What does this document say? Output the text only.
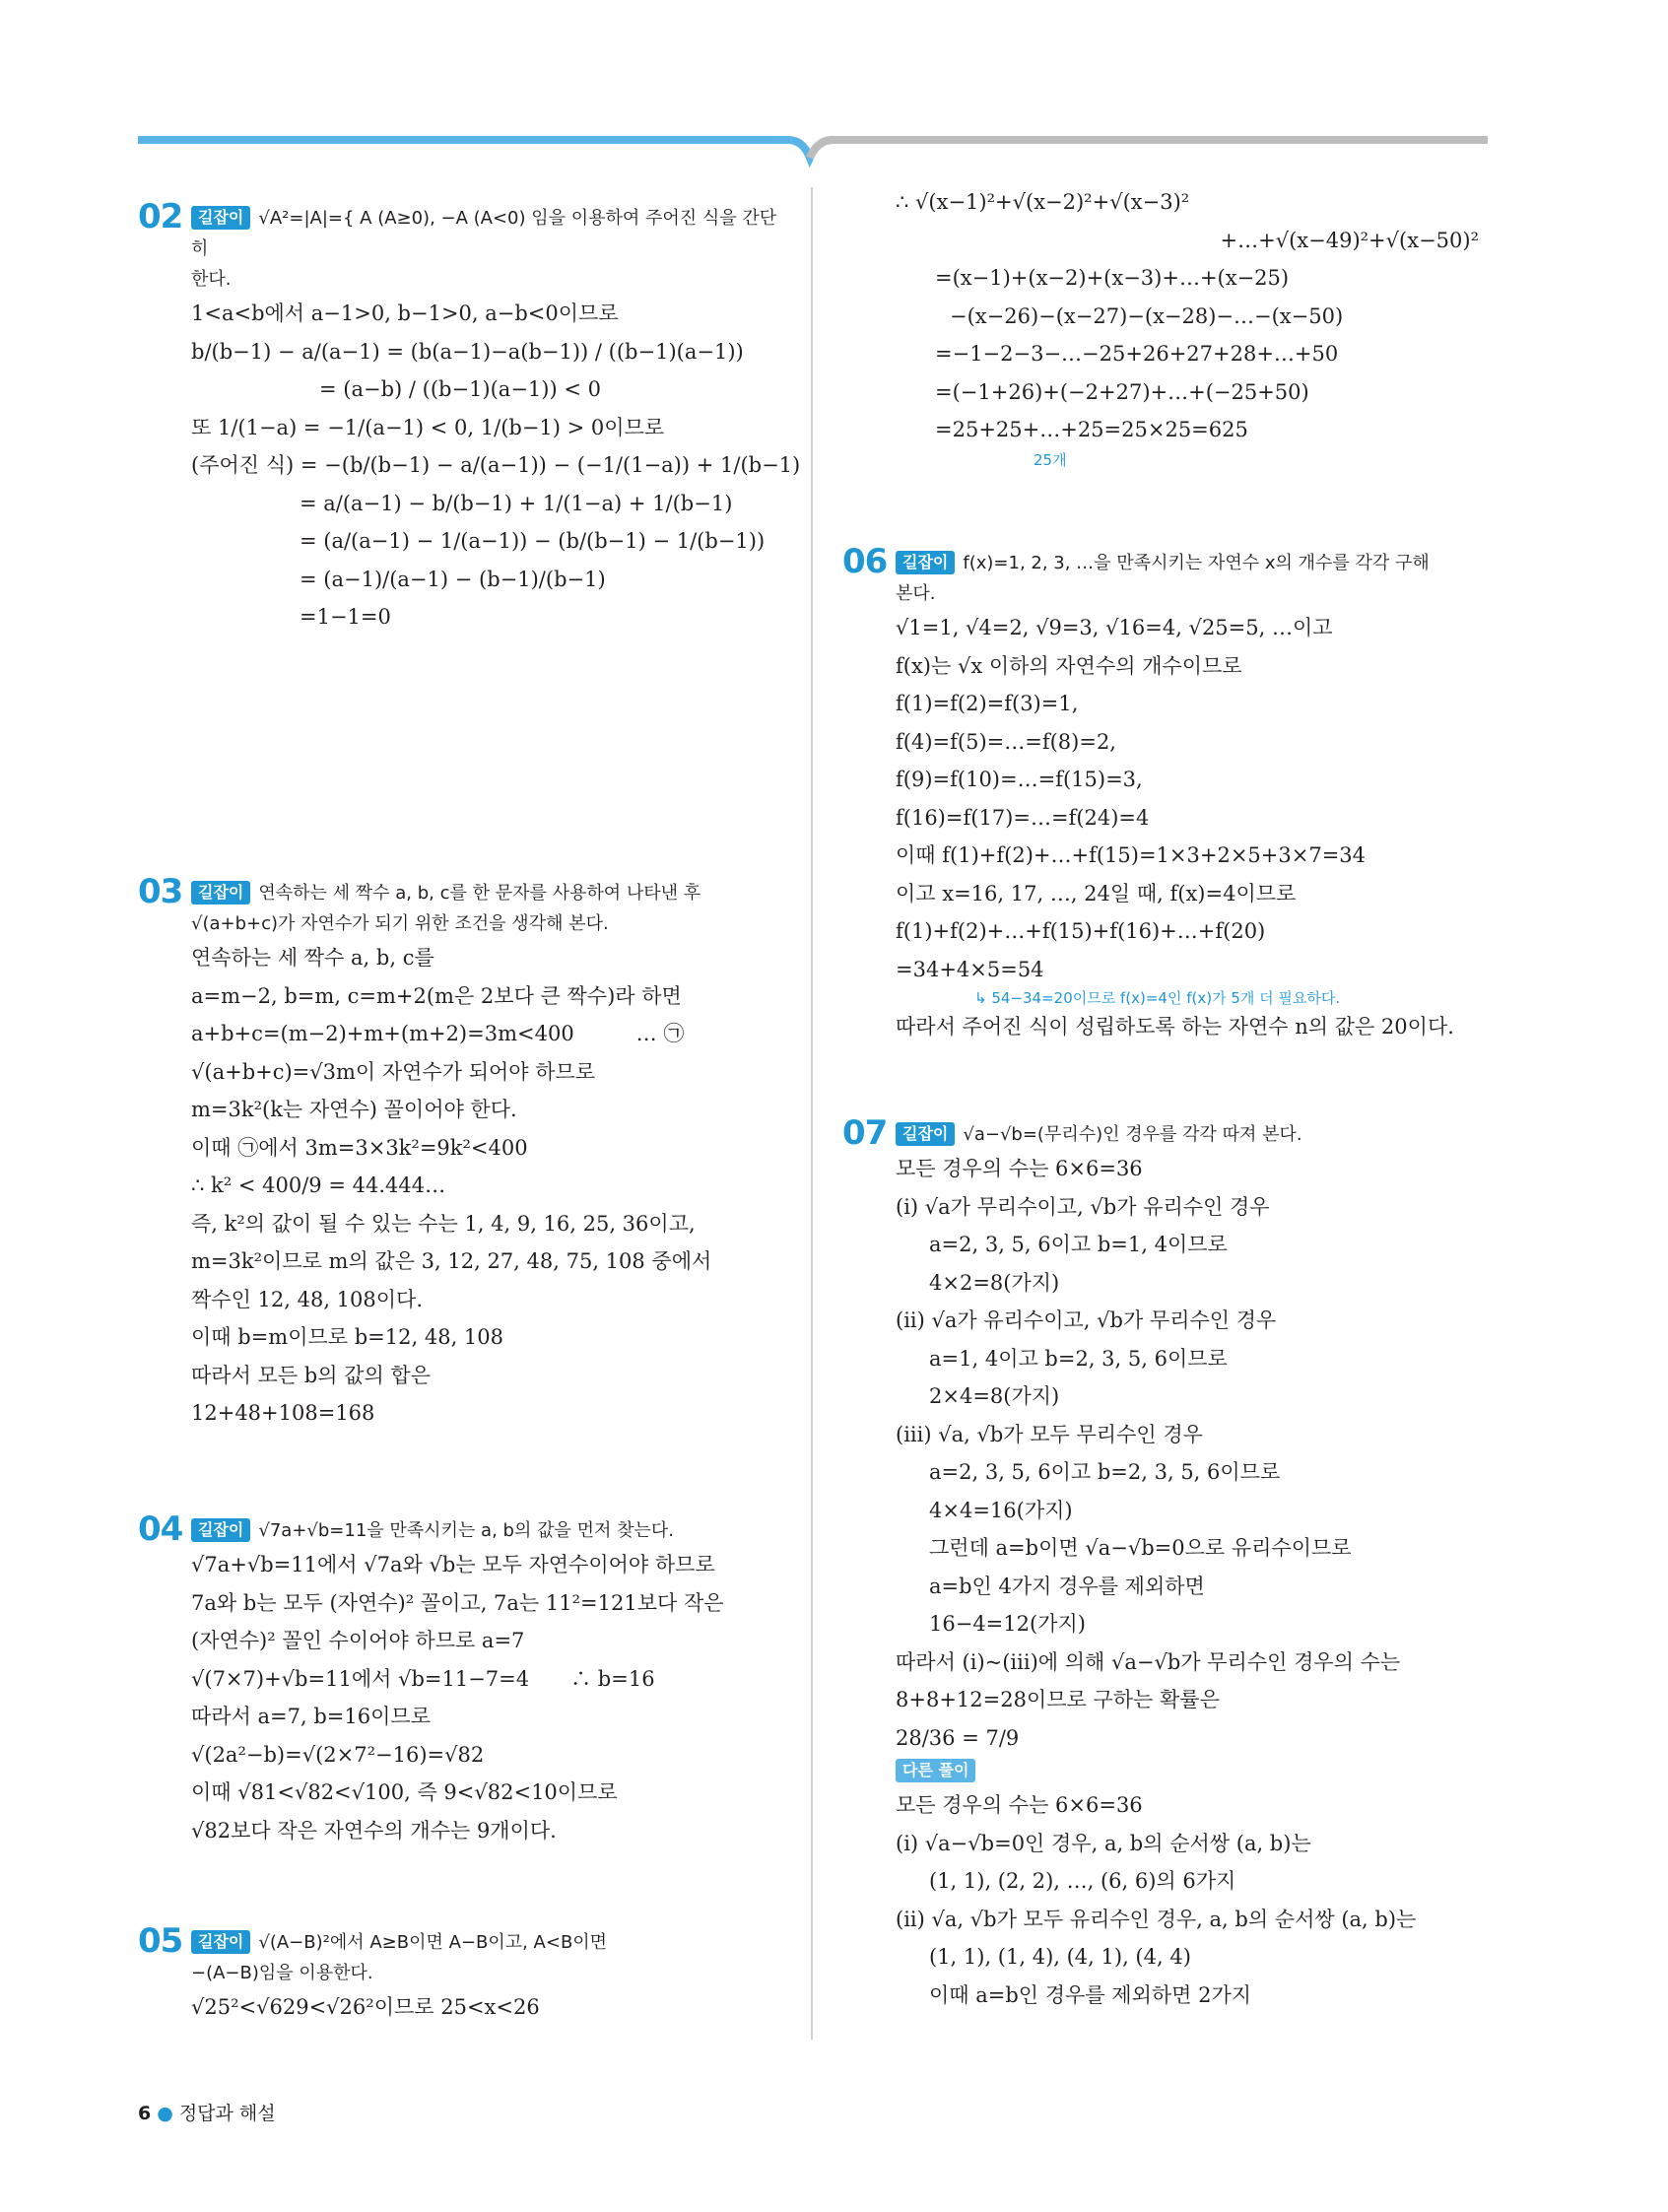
02 길잡이 √A²=|A|={ A (A≥0), −A (A<0) 임을 이용하여 주어진 식을 간단히
한다.
1<a<b에서 a−1>0, b−1>0, a−b<0이므로
b/(b−1) − a/(a−1) = (b(a−1)−a(b−1)) / ((b−1)(a−1))
= (a−b) / ((b−1)(a−1)) < 0
또 1/(1−a) = −1/(a−1) < 0, 1/(b−1) > 0이므로
(주어진 식) = −(b/(b−1) − a/(a−1)) − (−1/(1−a)) + 1/(b−1)
= a/(a−1) − b/(b−1) + 1/(1−a) + 1/(b−1)
= (a/(a−1) − 1/(a−1)) − (b/(b−1) − 1/(b−1))
= (a−1)/(a−1) − (b−1)/(b−1)
=1−1=0
03 길잡이 연속하는 세 짝수 a, b, c를 한 문자를 사용하여 나타낸 후
√(a+b+c)가 자연수가 되기 위한 조건을 생각해 본다.
연속하는 세 짝수 a, b, c를
a=m−2, b=m, c=m+2(m은 2보다 큰 짝수)라 하면
a+b+c=(m−2)+m+(m+2)=3m<400　　　… ㉠
√(a+b+c)=√3m이 자연수가 되어야 하므로
m=3k²(k는 자연수) 꼴이어야 한다.
이때 ㉠에서 3m=3×3k²=9k²<400
∴ k² < 400/9 = 44.444…
즉, k²의 값이 될 수 있는 수는 1, 4, 9, 16, 25, 36이고,
m=3k²이므로 m의 값은 3, 12, 27, 48, 75, 108 중에서
짝수인 12, 48, 108이다.
이때 b=m이므로 b=12, 48, 108
따라서 모든 b의 값의 합은
12+48+108=168
04 길잡이 √7a+√b=11을 만족시키는 a, b의 값을 먼저 찾는다.
√7a+√b=11에서 √7a와 √b는 모두 자연수이어야 하므로
7a와 b는 모두 (자연수)² 꼴이고, 7a는 11²=121보다 작은
(자연수)² 꼴인 수이어야 하므로 a=7
√(7×7)+√b=11에서 √b=11−7=4　　∴ b=16
따라서 a=7, b=16이므로
√(2a²−b)=√(2×7²−16)=√82
이때 √81<√82<√100, 즉 9<√82<10이므로
√82보다 작은 자연수의 개수는 9개이다.
05 길잡이 √(A−B)²에서 A≥B이면 A−B이고, A<B이면
−(A−B)임을 이용한다.
√25²<√629<√26²이므로 25<x<26
∴ √(x−1)²+√(x−2)²+√(x−3)²
+…+√(x−49)²+√(x−50)²
=(x−1)+(x−2)+(x−3)+…+(x−25)
−(x−26)−(x−27)−(x−28)−…−(x−50)
=−1−2−3−…−25+26+27+28+…+50
=(−1+26)+(−2+27)+…+(−25+50)
=25+25+…+25=25×25=625
25개
06 길잡이 f(x)=1, 2, 3, …을 만족시키는 자연수 x의 개수를 각각 구해
본다.
√1=1, √4=2, √9=3, √16=4, √25=5, …이고
f(x)는 √x 이하의 자연수의 개수이므로
f(1)=f(2)=f(3)=1,
f(4)=f(5)=…=f(8)=2,
f(9)=f(10)=…=f(15)=3,
f(16)=f(17)=…=f(24)=4
이때 f(1)+f(2)+…+f(15)=1×3+2×5+3×7=34
이고 x=16, 17, …, 24일 때, f(x)=4이므로
f(1)+f(2)+…+f(15)+f(16)+…+f(20)
=34+4×5=54
↳ 54−34=20이므로 f(x)=4인 f(x)가 5개 더 필요하다.
따라서 주어진 식이 성립하도록 하는 자연수 n의 값은 20이다.
07 길잡이 √a−√b=(무리수)인 경우를 각각 따져 본다.
모든 경우의 수는 6×6=36
(i) √a가 무리수이고, √b가 유리수인 경우
a=2, 3, 5, 6이고 b=1, 4이므로
4×2=8(가지)
(ii) √a가 유리수이고, √b가 무리수인 경우
a=1, 4이고 b=2, 3, 5, 6이므로
2×4=8(가지)
(iii) √a, √b가 모두 무리수인 경우
a=2, 3, 5, 6이고 b=2, 3, 5, 6이므로
4×4=16(가지)
그런데 a=b이면 √a−√b=0으로 유리수이므로
a=b인 4가지 경우를 제외하면
16−4=12(가지)
따라서 (i)~(iii)에 의해 √a−√b가 무리수인 경우의 수는
8+8+12=28이므로 구하는 확률은
28/36 = 7/9
다른 풀이
모든 경우의 수는 6×6=36
(i) √a−√b=0인 경우, a, b의 순서쌍 (a, b)는
(1, 1), (2, 2), …, (6, 6)의 6가지
(ii) √a, √b가 모두 유리수인 경우, a, b의 순서쌍 (a, b)는
(1, 1), (1, 4), (4, 1), (4, 4)
이때 a=b인 경우를 제외하면 2가지
6 ● 정답과 해설
